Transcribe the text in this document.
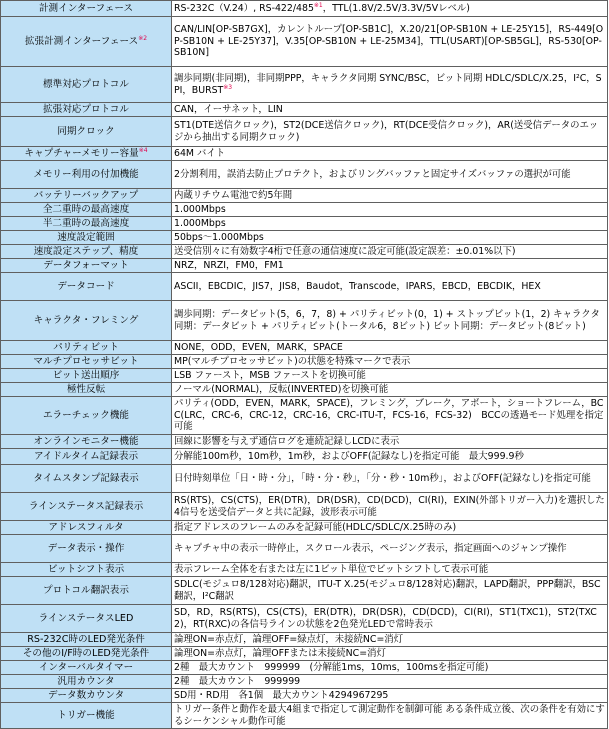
計測インターフェース	RS-232C（V.24）, RS-422/485$^{※1}$，TTL(1.8V/2.5V/3.3V/5Vレベル)
拡張計測インターフェース$^{※2}$	CAN/LIN[OP-SB7GX]，カレントループ[OP-SB1C]，X.20/21[OP-SB10N + LE-25Y15]，RS-449[OP-SB10N + LE-25Y37]，V.35[OP-SB10N + LE-25M34]，TTL(USART)[OP-SB5GL]，RS-530[OP-SB10N]
標準対応プロトコル	調歩同期(非同期)，非同期PPP，キャラクタ同期 SYNC/BSC，ビット同期 HDLC/SDLC/X.25，I²C，SPI，BURST$^{※3}$
拡張対応プロトコル	CAN，イーサネット，LIN
同期クロック	ST1(DTE送信クロック)，ST2(DCE送信クロック)，RT(DCE受信クロック)，AR(送受信データのエッジから抽出する同期クロック)
キャプチャーメモリー容量$^{※4}$	64M バイト
メモリー利用の付加機能	2分割利用，誤消去防止プロテクト，およびリングバッファと固定サイズバッファの選択が可能
バッテリーバックアップ	内蔵リチウム電池で約5年間
全二重時の最高速度	1.000Mbps
半二重時の最高速度	1.000Mbps
速度設定範囲	50bps～1.000Mbps
速度設定ステップ、精度	送受信別々に有効数字4桁で任意の通信速度に設定可能(設定誤差：±0.01%以下)
データフォーマット	NRZ，NRZI，FM0，FM1
データコード	ASCII，EBCDIC，JIS7，JIS8，Baudot，Transcode，IPARS，EBCD，EBCDIK，HEX
キャラクタ・フレミング	調歩同期：データビット(5，6，7，8) + パリティビット(0，1) + ストップビット(1，2) キャラクタ同期：データビット + パリティビット(トータル6，8ビット) ビット同期：データビット(8ビット)
パリティビット	NONE，ODD，EVEN，MARK，SPACE
マルチプロセッサビット	MP(マルチプロセッサビット)の状態を特殊マークで表示
ビット送出順序	LSB ファースト，MSB ファーストを切換可能
極性反転	ノーマル(NORMAL)，反転(INVERTED)を切換可能
エラーチェック機能	パリティ(ODD，EVEN，MARK，SPACE)，フレミング，ブレーク，アボート，ショートフレーム，BCC(LRC，CRC-6，CRC-12，CRC-16，CRC-ITU-T，FCS-16，FCS-32)　BCCの透過モード処理を指定可能
オンラインモニター機能	回線に影響を与えず通信ログを連続記録しLCDに表示
アイドルタイム記録表示	分解能100m秒，10m秒，1m秒，およびOFF(記録なし)を指定可能　最大999.9秒
タイムスタンプ記録表示	日付時刻単位「日・時・分」，「時・分・秒」，「分・秒・10m秒」，およびOFF(記録なし)を指定可能
ラインステータス記録表示	RS(RTS)，CS(CTS)，ER(DTR)，DR(DSR)，CD(DCD)，CI(RI)，EXIN(外部トリガー入力)を選択した4信号を送受信データと共に記録，波形表示可能
アドレスフィルタ	指定アドレスのフレームのみを記録可能(HDLC/SDLC/X.25時のみ)
データ表示・操作	キャプチャ中の表示一時停止，スクロール表示，ページング表示，指定画面へのジャンプ操作
ビットシフト表示	表示フレーム全体を右または左に1ビット単位でビットシフトして表示可能
プロトコル翻訳表示	SDLC(モジュロ8/128対応)翻訳，ITU-T X.25(モジュロ8/128対応)翻訳，LAPD翻訳，PPP翻訳，BSC翻訳，I²C翻訳
ラインステータスLED	SD，RD，RS(RTS)，CS(CTS)，ER(DTR)，DR(DSR)，CD(DCD)，CI(RI)，ST1(TXC1)，ST2(TXC2)，RT(RXC)の各信号ラインの状態を2色発光LEDで常時表示
RS-232C時のLED発光条件	論理ON=赤点灯，論理OFF=緑点灯，未接続NC=消灯
その他のI/F時のLED発光条件	論理ON=赤点灯，論理OFFまたは未接続NC=消灯
インターバルタイマー	2種　最大カウント　999999　(分解能1ms，10ms，100msを指定可能)
汎用カウンタ	2種　最大カウント　999999
データ数カウンタ	SD用・RD用　各1個　最大カウント4294967295
トリガー機能	トリガー条件と動作を最大4組まで指定して測定動作を制御可能 ある条件成立後、次の条件を有効にするシーケンシャル動作可能
